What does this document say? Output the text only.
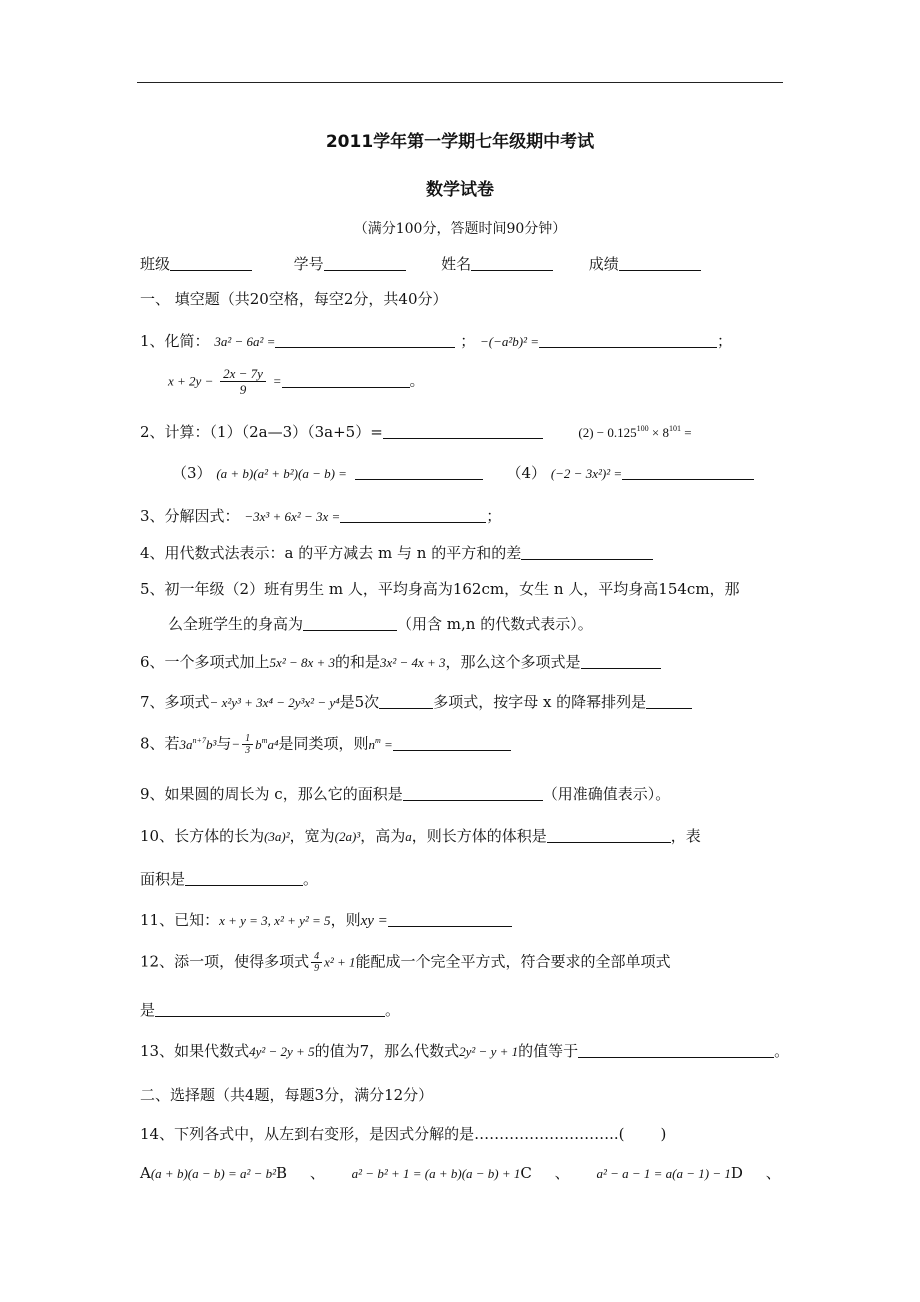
2011学年第一学期七年级期中考试
数学试卷
（满分100分，答题时间90分钟）
班级	学号	姓名	成绩
一、 填空题（共20空格，每空2分，共40分）
1、化简： 3a² − 6a² =	； −(−a²b)² =	；
$x + 2y - \frac{2x - 7y}{9}$ =	。
2、计算：（1）（2a—3）（3a+5）=	$(2) - 0.125^{100} \times 8^{101}$ =
（3） (a + b)(a² + b²)(a − b) =	（4） (−2 − 3x²)² =
3、分解因式： −3x³ + 6x² − 3x =	；
4、用代数式法表示：a 的平方减去 m 与 n 的平方和的差
5、初一年级（2）班有男生 m 人，平均身高为162cm，女生 n 人，平均身高154cm，那
么全班学生的身高为	（用含 m,n 的代数式表示）。
6、一个多项式加上5x² − 8x + 3的和是3x² − 4x + 3，那么这个多项式是
7、多项式− x²y³ + 3x⁴ − 2y³x² − y⁴是5次	多项式，按字母 x 的降幂排列是
8、若$3a^{n+7}b^3$与− $\frac{1}{3} b^ma^4$是同类项，则$n^m$ =
9、如果圆的周长为 c，那么它的面积是	（用准确值表示）。
10、长方体的长为(3a)²，宽为(2a)³，高为a，则长方体的体积是	，表
面积是	。
11、已知：x + y = 3, x² + y² = 5，则xy =
12、添一项，使得多项式 $\frac{4}{9} x^2 + 1$能配成一个完全平方式，符合要求的全部单项式
是	。
13、如果代数式4y² − 2y + 5的值为7，那么代数式2y² − y + 1的值等于	。
二、选择题（共4题，每题3分，满分12分）
14、下列各式中，从左到右变形，是因式分解的是………………………..( )
A(a + b)(a − b) = a² − b²B 、 a² − b² + 1 = (a + b)(a − b) + 1C 、 a² − a − 1 = a(a − 1) − 1D 、
